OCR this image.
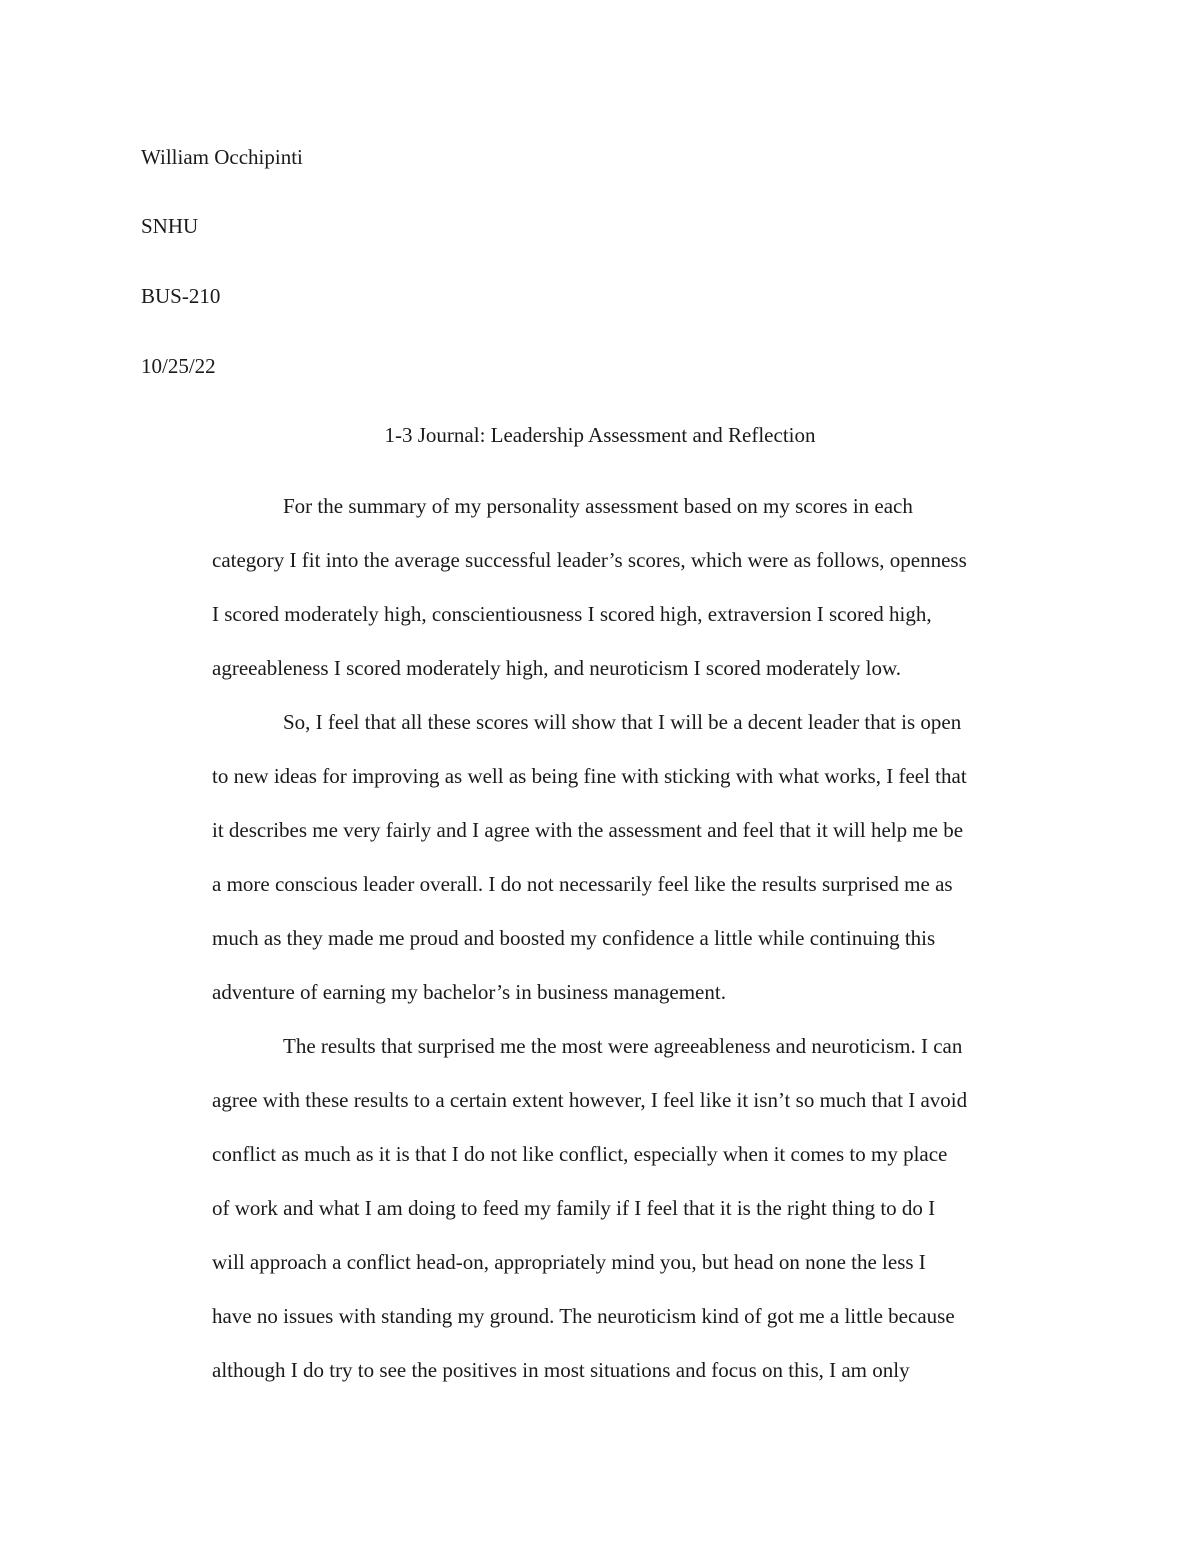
William Occhipinti
SNHU
BUS-210
10/25/22
1-3 Journal: Leadership Assessment and Reflection
For the summary of my personality assessment based on my scores in each
category I fit into the average successful leader’s scores, which were as follows, openness
I scored moderately high, conscientiousness I scored high, extraversion I scored high,
agreeableness I scored moderately high, and neuroticism I scored moderately low.
So, I feel that all these scores will show that I will be a decent leader that is open
to new ideas for improving as well as being fine with sticking with what works, I feel that
it describes me very fairly and I agree with the assessment and feel that it will help me be
a more conscious leader overall. I do not necessarily feel like the results surprised me as
much as they made me proud and boosted my confidence a little while continuing this
adventure of earning my bachelor’s in business management.
The results that surprised me the most were agreeableness and neuroticism. I can
agree with these results to a certain extent however, I feel like it isn’t so much that I avoid
conflict as much as it is that I do not like conflict, especially when it comes to my place
of work and what I am doing to feed my family if I feel that it is the right thing to do I
will approach a conflict head-on, appropriately mind you, but head on none the less I
have no issues with standing my ground. The neuroticism kind of got me a little because
although I do try to see the positives in most situations and focus on this, I am only
